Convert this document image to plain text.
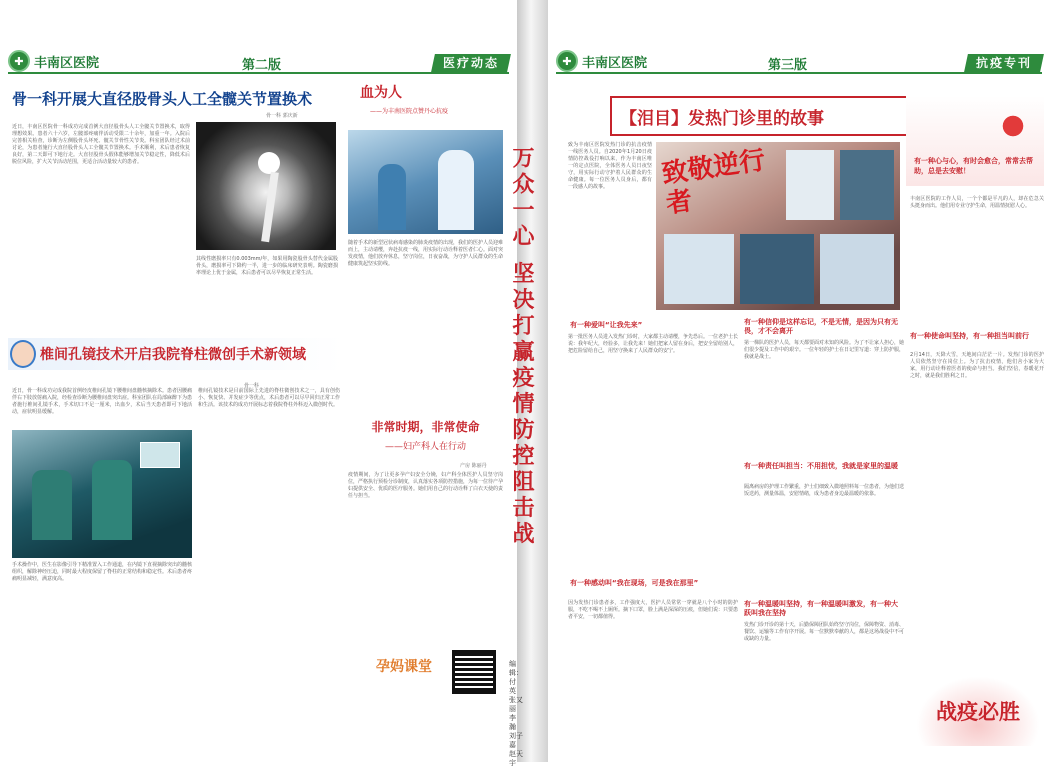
✚ 丰南区医院	第二版	医疗动态
骨一科开展大直径股骨头人工全髋关节置换术
骨一科 郭庆新
近日，丰南区医院骨一科成功完成首例大直径股骨头人工全髋关节置换术，取得理想效果。患者六十六岁，左髋部疼痛伴活动受限二十余年，加重一年。入院后完善相关检查，诊断为左侧股骨头坏死、髋关节骨性关节炎。科室团队经过术前讨论，为患者施行大直径股骨头人工全髋关节置换术。手术顺利，术后患者恢复良好，第二天即可下地行走。大直径股骨头假体能够增加关节稳定性，降低术后脱位风险，扩大关节活动范围，更适合活动量较大的患者。
其线性磨损率只有0.003mm/年，如果用陶瓷股骨头替代金属股骨头，磨损率可下降约一半，进一步的临床研究表明。陶瓷磨损率理论上优于金属，术后患者可以尽早恢复正常生活。
椎间孔镜技术开启我院脊柱微创手术新领域
骨一科
近日，骨一科成功完成我院首例经皮椎间孔镜下腰椎间盘髓核摘除术。患者因腰痛伴右下肢放射痛入院，经检查诊断为腰椎间盘突出症。科室团队在局部麻醉下为患者施行椎间孔镜手术，手术切口不足一厘米，出血少，术后当天患者即可下地活动，症状明显缓解。
手术操作中，医生在影像引导下精准置入工作通道，在内镜下直视摘除突出的髓核组织，解除神经压迫，同时最大程度保留了脊柱的正常结构和稳定性。术后患者疼痛明显减轻，满意度高。
椎间孔镜技术是目前国际上先进的脊柱微创技术之一，具有创伤小、恢复快、并发症少等优点，术后患者可以尽早回归正常工作和生活。该技术的成功开展标志着我院脊柱外科迈入微创时代。
血为人
——为丰南医院点赞丹心抗疫
随着手术的新型冠状病毒感染的肺炎疫情的出现，我们的医护人员迎难而上，主动请缨，奔赴抗疫一线，用实际行动诠释着医者仁心。面对突发疫情，他们放弃休息，坚守岗位，日夜奋战，为守护人民群众的生命健康筑起坚实防线。
非常时期，非常使命
——妇产科人在行动
产房 陈丽丹
疫情期间，为了让更多孕产妇安全分娩，妇产科全体医护人员坚守岗位，严格执行预检分诊制度，认真落实各项防控措施，为每一位待产孕妇提供安全、优质的医疗服务。她们用自己的行动诠释了白衣天使的责任与担当。
孕妈课堂
万众一心 坚决打赢疫情防控阻击战
编辑：付 英 张又丽 李 瀚 刘子嘉 赵天宇
✚ 丰南区医院	第三版	抗疫专刊
【泪目】发热门诊里的故事
致为丰南区医院发热门诊的抗击疫情一线医务人员。自2020年1月20日疫情防控战役打响以来，作为丰南区唯一的定点医院，全体医务人员日夜坚守，用实际行动守护着人民群众的生命健康。每一位医务人员身后，都有一段感人的故事。	致敬逆行者
有一种心与心，有时会愈合，常常去帮助，总是去安慰！
丰南区医院的工作人员，一个个都是平凡的人，却在危急关头挺身而出。他们用专业守护生命，用温情抚慰人心。
有一种爱叫“让我先来”
第一批医务人员进入发热门诊时，大家都主动请缨，争先恐后。一位老护士长说：我年纪大，经验多，让我先来！她们把家人留在身后，把安全留给别人，把危险留给自己，用坚守换来了人民群众的安宁。
有一种感动叫“我在现场，可是我在那里”
因为发热门诊患者多，工作强度大，医护人员常常一穿就是八个小时的防护服，不吃不喝不上厕所。摘下口罩，脸上满是深深的压痕，但她们说：只要患者平安，一切都值得。
有一种信仰是这样忘记，不是无情，是因为只有无畏，才不会离开
第一梯队的医护人员，每天都要面对未知的风险。为了不让家人担心，她们很少提及工作中的艰辛。一位年轻的护士在日记里写道：穿上防护服，我就是战士。
有一种责任叫担当：不用担忧，我就是家里的温暖
隔离病房的护理工作繁重，护士们细致入微地照料每一位患者，为他们送饭送药，测量体温，安慰情绪，成为患者身边最温暖的依靠。
有一种温暖叫坚持，有一种温暖叫激发，有一种大跃叫我在坚持
发热门诊开诊的第十天，后勤保障团队始终坚守岗位，保障物资、消毒、餐饮、运输等工作有序开展。每一位默默奉献的人，都是这场战役中不可或缺的力量。
有一种使命叫坚持，有一种担当叫前行
2月14日，天降大雪，天地间白茫茫一片。发热门诊的医护人员依然坚守在岗位上。为了抗击疫情，他们舍小家为大家，用行动诠释着医者的使命与担当。我们坚信，春暖花开之时，就是我们胜利之日。
战疫必胜
